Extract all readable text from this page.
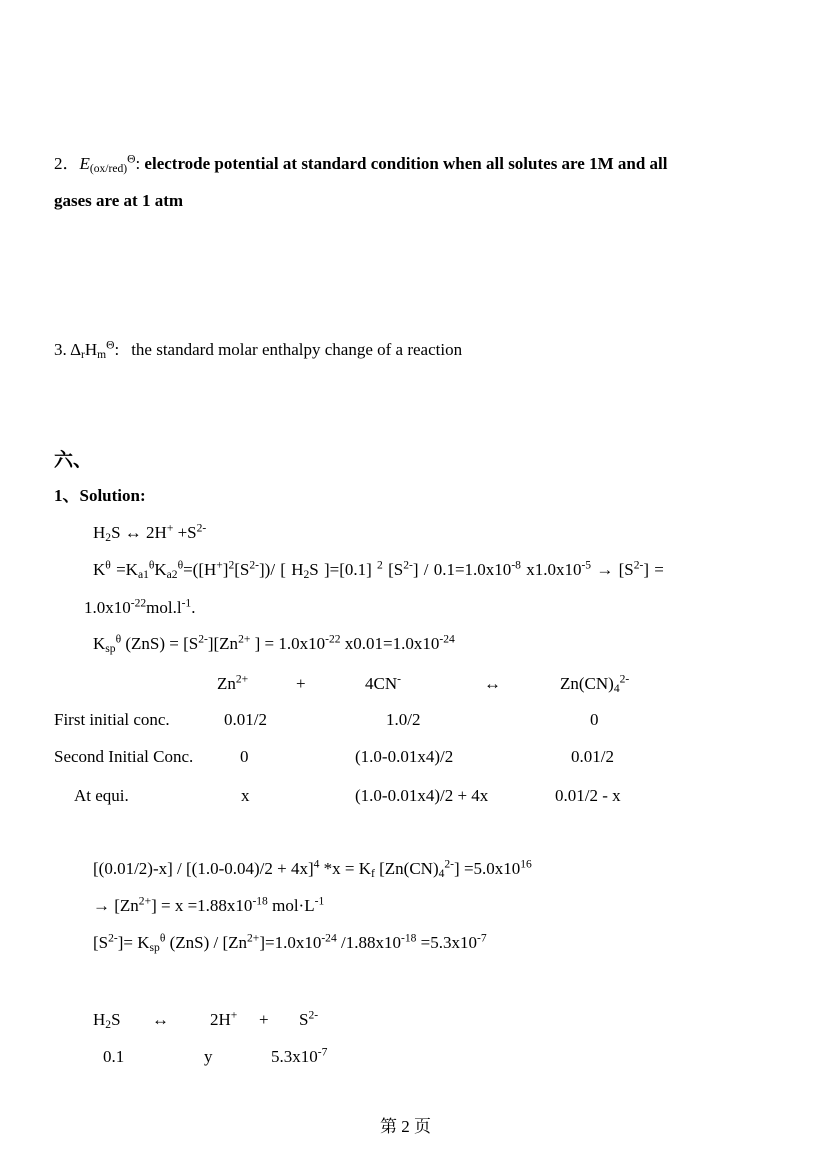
2．$E_{(ox/red)}^\Theta$: electrode potential at standard condition when all solutes are 1M and all
gases are at 1 atm
3. $\Delta_rH_m^\Theta$: the standard molar enthalpy change of a reaction
六、
1、Solution:
$H_2S$ ↔ $2H^+ +S^{2-}$
$K^\theta =K_{a1}^\theta K_{a2}^\theta=([H^+]^2[S^{2-}])/$ [ $H_2S$ ]=[0.1] $^2$ $[S^{2-}] / 0.1=1.0x10^{-8}$ $x1.0x10^{-5} \to [S^{2-}]$ =
$1.0x10^{-22}mol.l^{-1}$.
$K_{sp}^\theta$ $(ZnS) = [S^{2-}][Zn^{2+}$ ] = $1.0x10^{-22}$ $x0.01=1.0x10^{-24}$
$Zn^{2+}$	+	4CN-	↔	$Zn(CN)_4^{2-}$
First initial conc.	0.01/2	1.0/2	0
Second Initial Conc.	0	(1.0-0.01x4)/2	0.01/2
At equi.	x	(1.0-0.01x4)/2 + 4x	0.01/2 - x
$[(0.01/2)-x] / [(1.0-0.04)/2 + 4x]^4$ $*x = K_f$ $[Zn(CN)_4^{2-}] =5.0x10^{16}$
→ $[Zn^{2+}] = x =1.88x10^{-18}$ $mol\cdot L^{-1}$
$[S^{2-}]= K_{sp}^\theta$ $(ZnS) / [Zn^{2+}]=1.0x10^{-24}$ $/1.88x10^{-18} =5.3x10^{-7}$
$H_2S$ ↔ $2H^+ + S^{2-}$
0.1	y	$5.3x10^{-7}$
第 2 页
